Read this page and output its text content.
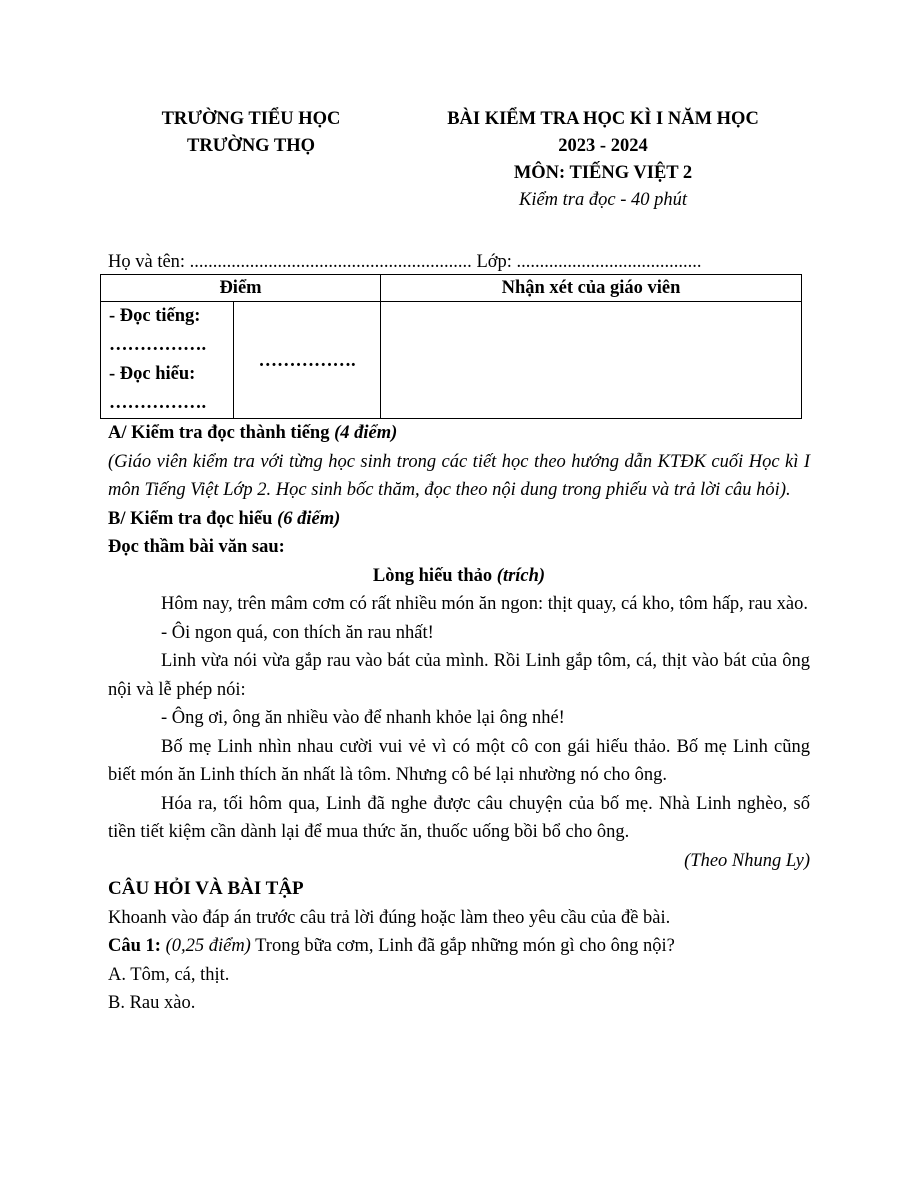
TRƯỜNG TIỂU HỌC
TRƯỜNG THỌ
BÀI KIỂM TRA HỌC KÌ I NĂM HỌC
2023 - 2024
MÔN: TIẾNG VIỆT 2
Kiểm tra đọc - 40 phút
Họ và tên: ............................................................. Lớp: ........................................
Điểm		Nhận xét của giáo viên

- Đọc tiếng:
…………….
- Đọc hiểu:
…………….	…………….	

A/ Kiểm tra đọc thành tiếng (4 điểm)

(Giáo viên kiểm tra với từng học sinh trong các tiết học theo hướng dẫn KTĐK cuối Học kì I môn Tiếng Việt Lớp 2. Học sinh bốc thăm, đọc theo nội dung trong phiếu và trả lời câu hỏi).

B/ Kiểm tra đọc hiểu (6 điểm)

Đọc thầm bài văn sau:

Lòng hiếu thảo (trích)

Hôm nay, trên mâm cơm có rất nhiều món ăn ngon: thịt quay, cá kho, tôm hấp, rau xào.

- Ôi ngon quá, con thích ăn rau nhất!

Linh vừa nói vừa gắp rau vào bát của mình. Rồi Linh gắp tôm, cá, thịt vào bát của ông nội và lễ phép nói:

- Ông ơi, ông ăn nhiều vào để nhanh khỏe lại ông nhé!

Bố mẹ Linh nhìn nhau cười vui vẻ vì có một cô con gái hiếu thảo. Bố mẹ Linh cũng biết món ăn Linh thích ăn nhất là tôm. Nhưng cô bé lại nhường nó cho ông.

Hóa ra, tối hôm qua, Linh đã nghe được câu chuyện của bố mẹ. Nhà Linh nghèo, số tiền tiết kiệm cần dành lại để mua thức ăn, thuốc uống bồi bổ cho ông.

(Theo Nhung Ly)

CÂU HỎI VÀ BÀI TẬP

Khoanh vào đáp án trước câu trả lời đúng hoặc làm theo yêu cầu của đề bài.

Câu 1: (0,25 điểm) Trong bữa cơm, Linh đã gắp những món gì cho ông nội?

A. Tôm, cá, thịt.

B. Rau xào.
